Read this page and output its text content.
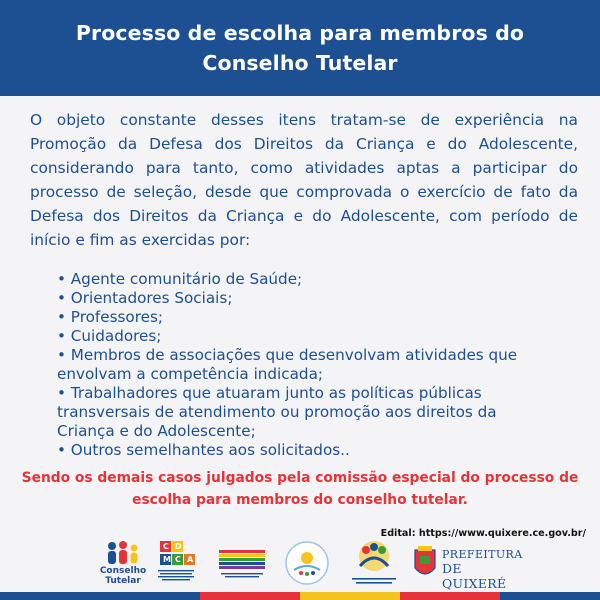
Processo de escolha para membros do
Conselho Tutelar

O objeto constante desses itens tratam-se de experiência na Promoção da Defesa dos Direitos da Criança e do Adolescente, considerando para tanto, como atividades aptas a participar do processo de seleção, desde que comprovada o exercício de fato da Defesa dos Direitos da Criança e do Adolescente, com período de início e fim as exercidas por:

• Agente comunitário de Saúde;
• Orientadores Sociais;
• Professores;
• Cuidadores;
• Membros de associações que desenvolvam atividades que envolvam a competência indicada;
• Trabalhadores que atuaram junto as políticas públicas transversais de atendimento ou promoção aos direitos da Criança e do Adolescente;
• Outros semelhantes aos solicitados..
Sendo os demais casos julgados pela comissão especial do processo de
escolha para membros do conselho tutelar.
Edital: https://www.quixere.ce.gov.br/
Conselho
Tutelar
C D
M C A	PREFEITURA
DE QUIXERÉ
